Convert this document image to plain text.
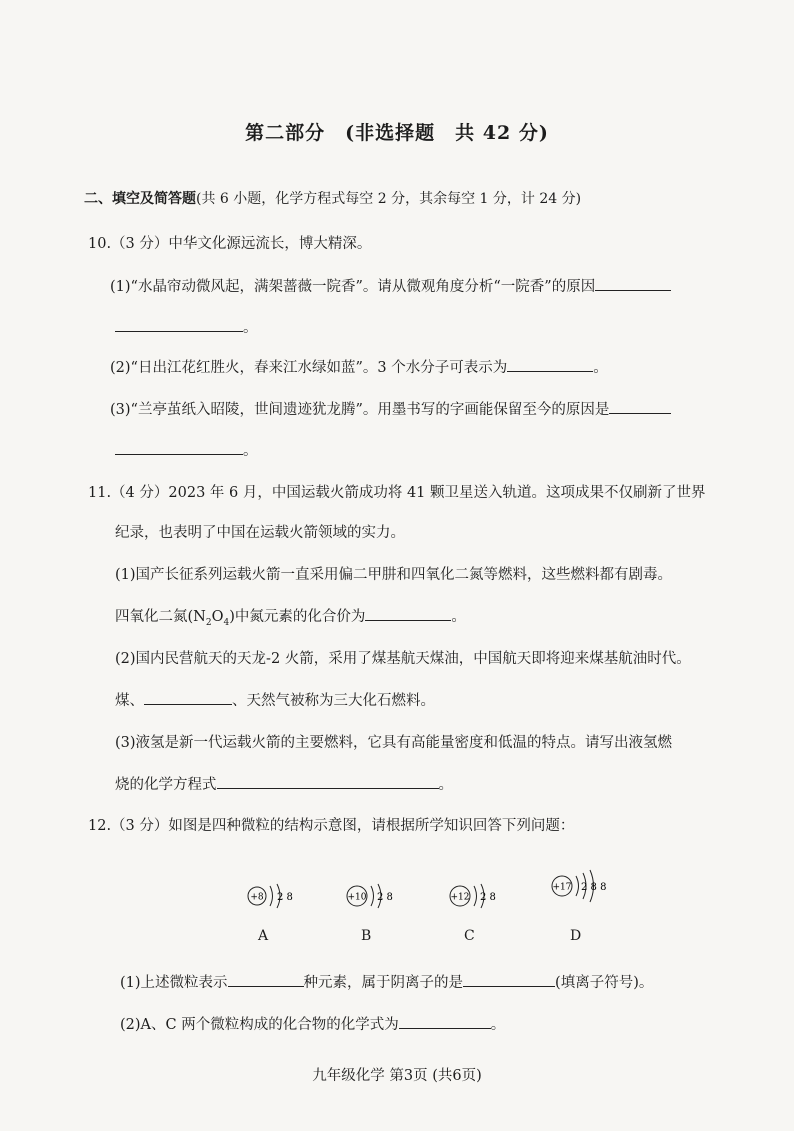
第二部分　(非选择题　共 42 分)
二、填空及简答题(共 6 小题，化学方程式每空 2 分，其余每空 1 分，计 24 分)
10.（3 分）中华文化源远流长，博大精深。
(1)“水晶帘动微风起，满架蔷薇一院香”。请从微观角度分析“一院香”的原因
。
(2)“日出江花红胜火，春来江水绿如蓝”。3 个水分子可表示为	。
(3)“兰亭茧纸入昭陵，世间遗迹犹龙腾”。用墨书写的字画能保留至今的原因是
。
11.（4 分）2023 年 6 月，中国运载火箭成功将 41 颗卫星送入轨道。这项成果不仅刷新了世界
纪录，也表明了中国在运载火箭领域的实力。
(1)国产长征系列运载火箭一直采用偏二甲肼和四氧化二氮等燃料，这些燃料都有剧毒。
四氧化二氮$(N_2O_4)$中氮元素的化合价为	。
(2)国内民营航天的天龙-2 火箭，采用了煤基航天煤油，中国航天即将迎来煤基航油时代。
煤、	、天然气被称为三大化石燃料。
(3)液氢是新一代运载火箭的主要燃料，它具有高能量密度和低温的特点。请写出液氢燃
烧的化学方程式	。
12.（3 分）如图是四种微粒的结构示意图，请根据所学知识回答下列问题：
+8 2 8	+10 2 8	+12 2 8
+17 2 8 8
A	B	C	D
(1)上述微粒表示	种元素，属于阴离子的是	(填离子符号)。
(2)A、C 两个微粒构成的化合物的化学式为	。
九年级化学 第3页 (共6页)
